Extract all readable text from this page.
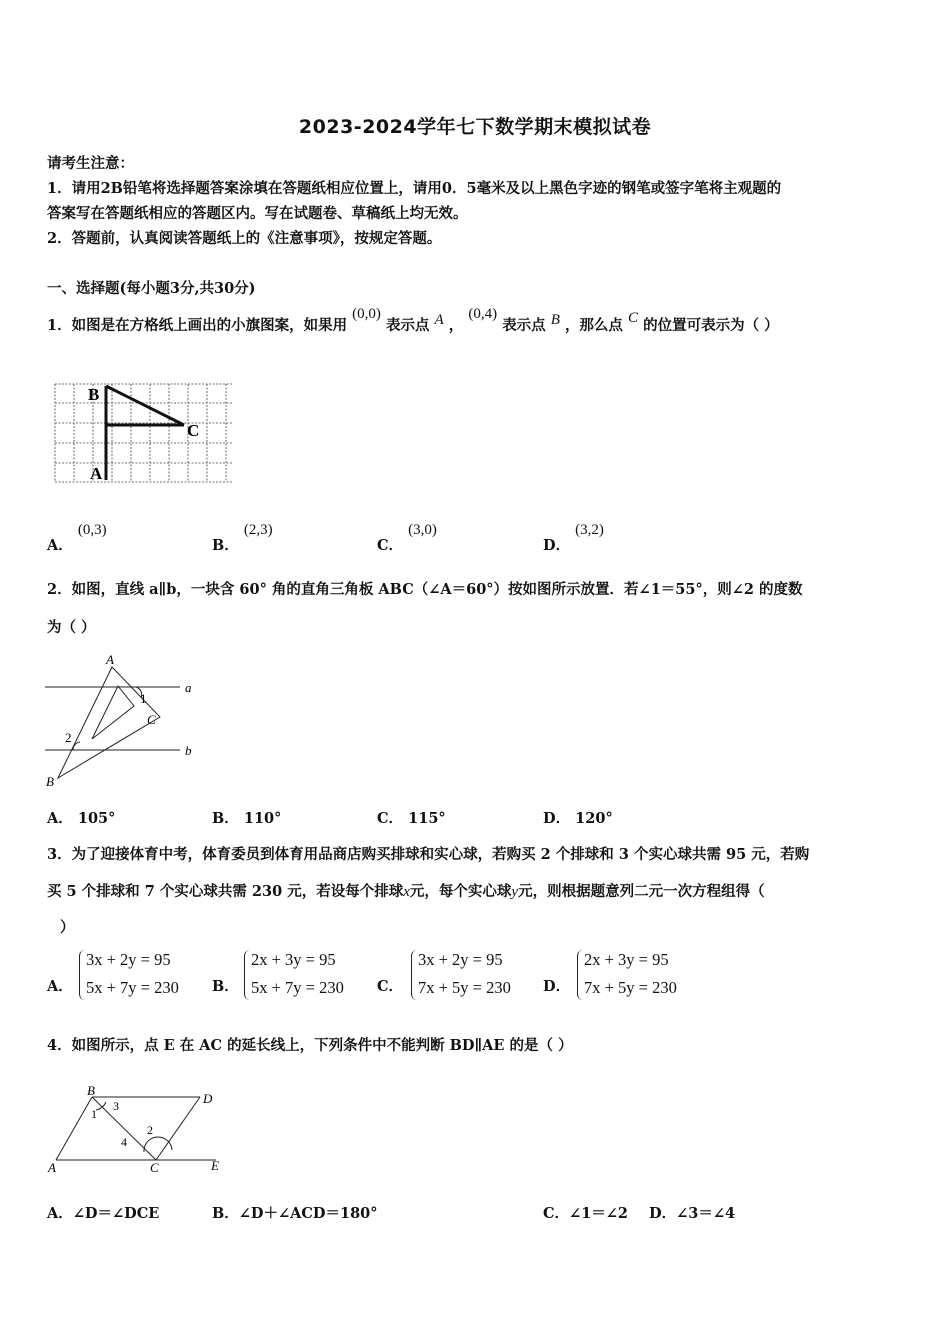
2023-2024学年七下数学期末模拟试卷
请考生注意：
1．请用2B铅笔将选择题答案涂填在答题纸相应位置上，请用0．5毫米及以上黑色字迹的钢笔或签字笔将主观题的
答案写在答题纸相应的答题区内。写在试题卷、草稿纸上均无效。
2．答题前，认真阅读答题纸上的《注意事项》，按规定答题。
一、选择题(每小题3分,共30分)
1．如图是在方格纸上画出的小旗图案，如果用 (0,0) 表示点 A ， (0,4) 表示点 B ，那么点 C 的位置可表示为（ ）
B
C
A
A． (0,3)
B． (2,3)
C． (3,0)
D． (3,2)
2．如图，直线 a∥b，一块含 60° 角的直角三角板 ABC（∠A＝60°）按如图所示放置．若∠1＝55°，则∠2 的度数
为（ ）
A
B
C
a
b
1
2
A． 105°	B． 110°	C． 115°	D． 120°
3．为了迎接体育中考，体育委员到体育用品商店购买排球和实心球，若购买 2 个排球和 3 个实心球共需 95 元，若购
买 5 个排球和 7 个实心球共需 230 元，若设每个排球x元，每个实心球y元，则根据题意列二元一次方程组得（
）
A．
3x + 2y = 95
5x + 7y = 230 B．
2x + 3y = 95
5x + 7y = 230 C．
3x + 2y = 95
7x + 5y = 230 D．
2x + 3y = 95
7x + 5y = 230
4．如图所示，点 E 在 AC 的延长线上，下列条件中不能判断 BD∥AE 的是（ ）
B
D
A	C	E
1
3
2
4
A．∠D＝∠DCE	B．∠D＋∠ACD＝180°	C．∠1＝∠2 D．∠3＝∠4
